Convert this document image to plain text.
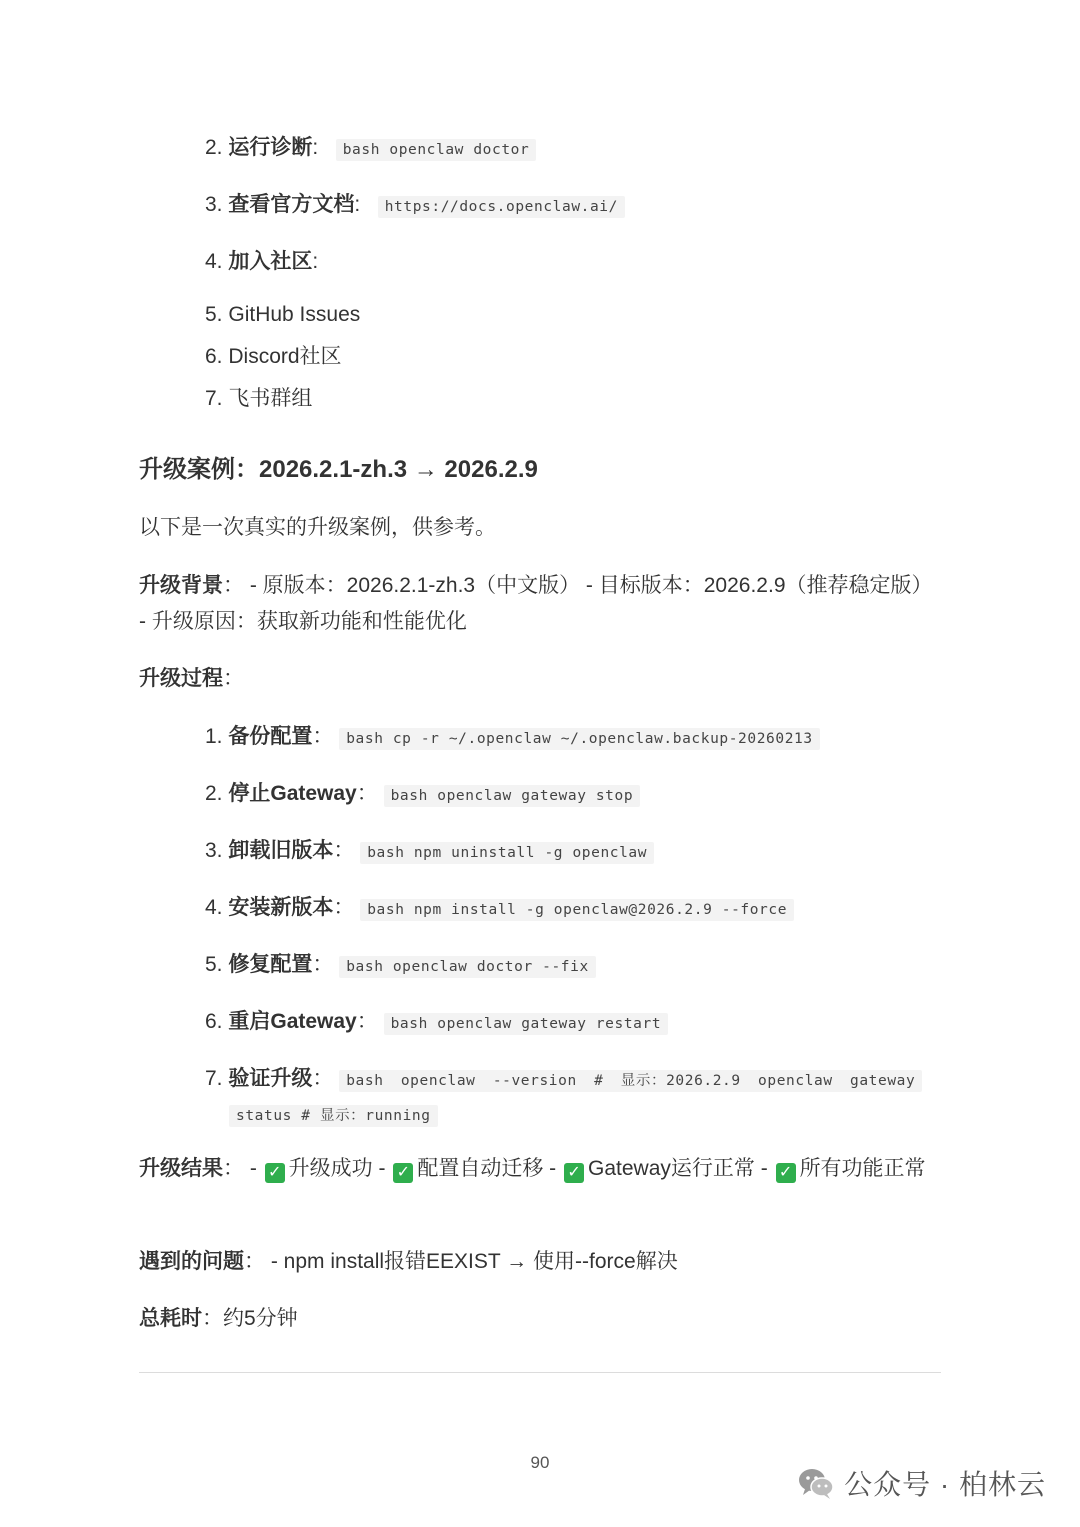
2. 运行诊断: bash openclaw doctor
3. 查看官方文档: https://docs.openclaw.ai/
4. 加入社区:
5. GitHub Issues
6. Discord社区
7. 飞书群组
升级案例：2026.2.1-zh.3 → 2026.2.9
以下是一次真实的升级案例，供参考。
升级背景： - 原版本：2026.2.1-zh.3（中文版） - 目标版本：2026.2.9（推荐稳定版） - 升级原因：获取新功能和性能优化
升级过程：
1. 备份配置： bash cp -r ~/.openclaw ~/.openclaw.backup-20260213
2. 停止Gateway： bash openclaw gateway stop
3. 卸载旧版本： bash npm uninstall -g openclaw
4. 安装新版本： bash npm install -g openclaw@2026.2.9 --force
5. 修复配置： bash openclaw doctor --fix
6. 重启Gateway： bash openclaw gateway restart
7. 验证升级： bash openclaw --version # 显示：2026.2.9 openclaw gateway
status # 显示：running
升级结果： - ✓ 升级成功 - ✓ 配置自动迁移 - ✓ Gateway运行正常 - ✓ 所有功能正常
遇到的问题： - npm install报错EEXIST → 使用--force解决
总耗时：约5分钟
90
公众号 · 柏林云
